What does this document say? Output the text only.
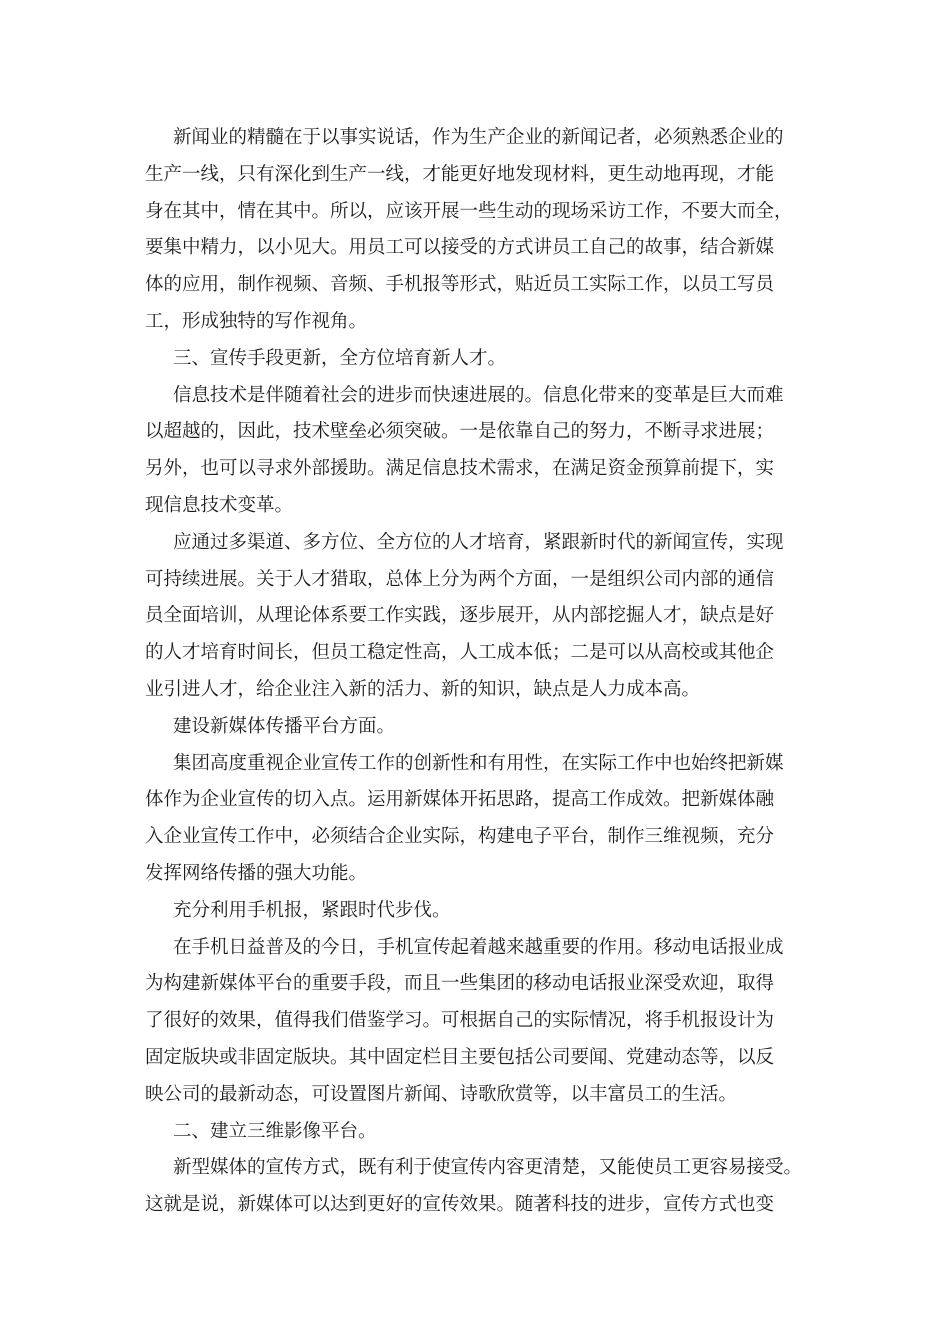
新闻业的精髓在于以事实说话，作为生产企业的新闻记者，必须熟悉企业的
生产一线，只有深化到生产一线，才能更好地发现材料，更生动地再现，才能
身在其中，情在其中。所以，应该开展一些生动的现场采访工作，不要大而全，
要集中精力，以小见大。用员工可以接受的方式讲员工自己的故事，结合新媒
体的应用，制作视频、音频、手机报等形式，贴近员工实际工作，以员工写员
工，形成独特的写作视角。
三、宣传手段更新，全方位培育新人才。
信息技术是伴随着社会的进步而快速进展的。信息化带来的变革是巨大而难
以超越的，因此，技术壁垒必须突破。一是依靠自己的努力，不断寻求进展；
另外，也可以寻求外部援助。满足信息技术需求，在满足资金预算前提下，实
现信息技术变革。
应通过多渠道、多方位、全方位的人才培育，紧跟新时代的新闻宣传，实现
可持续进展。关于人才猎取，总体上分为两个方面，一是组织公司内部的通信
员全面培训，从理论体系要工作实践，逐步展开，从内部挖掘人才，缺点是好
的人才培育时间长，但员工稳定性高，人工成本低；二是可以从高校或其他企
业引进人才，给企业注入新的活力、新的知识，缺点是人力成本高。
建设新媒体传播平台方面。
集团高度重视企业宣传工作的创新性和有用性，在实际工作中也始终把新媒
体作为企业宣传的切入点。运用新媒体开拓思路，提高工作成效。把新媒体融
入企业宣传工作中，必须结合企业实际，构建电子平台，制作三维视频，充分
发挥网络传播的强大功能。
充分利用手机报，紧跟时代步伐。
在手机日益普及的今日，手机宣传起着越来越重要的作用。移动电话报业成
为构建新媒体平台的重要手段，而且一些集团的移动电话报业深受欢迎，取得
了很好的效果，值得我们借鉴学习。可根据自己的实际情况，将手机报设计为
固定版块或非固定版块。其中固定栏目主要包括公司要闻、党建动态等，以反
映公司的最新动态，可设置图片新闻、诗歌欣赏等，以丰富员工的生活。
二、建立三维影像平台。
新型媒体的宣传方式，既有利于使宣传内容更清楚，又能使员工更容易接受。
这就是说，新媒体可以达到更好的宣传效果。随著科技的进步，宣传方式也变
